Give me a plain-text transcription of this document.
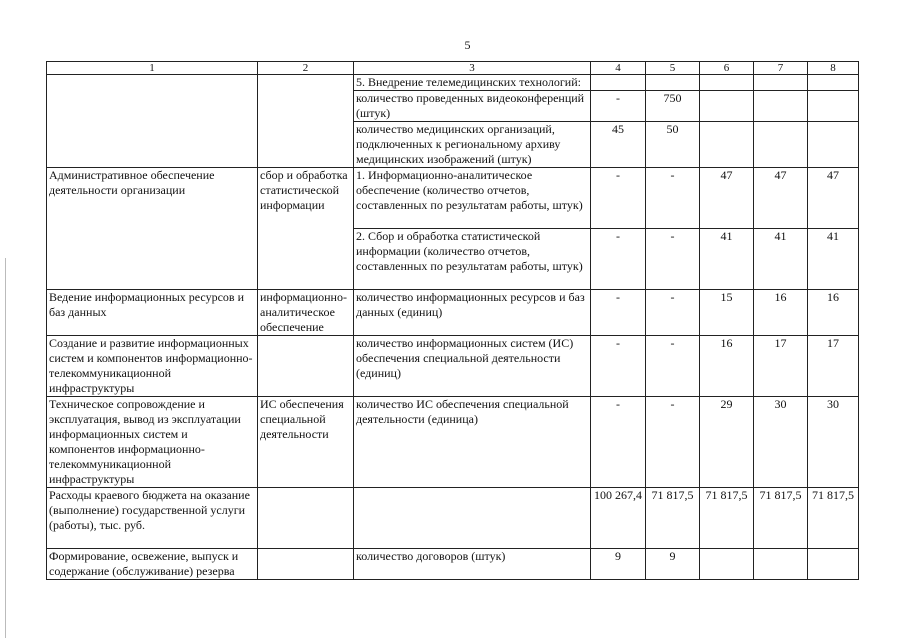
5
1	2	3	4	5	6	7	8
		5. Внедрение телемедицинских технологий:					
		количество проведенных видеоконференций (штук)	-	750			
		количество медицинских организаций, подключенных к региональному архиву медицинских изображений (штук)	45	50			
Административное обеспечение деятельности организации	сбор и обработка статистической информации	1. Информационно-аналитическое обеспечение (количество отчетов, составленных по результатам работы, штук)	-	-	47	47	47
		2. Сбор и обработка статистической информации (количество отчетов, составленных по результатам работы, штук)	-	-	41	41	41
Ведение информационных ресурсов и баз данных	информационно-аналитическое обеспечение	количество информационных ресурсов и баз данных (единиц)	-	-	15	16	16
Создание и развитие информационных систем и компонентов информационно-телекоммуникационной инфраструктуры		количество информационных систем (ИС) обеспечения специальной деятельности (единиц)	-	-	16	17	17
Техническое сопровождение и эксплуатация, вывод из эксплуатации информационных систем и компонентов информационно-телекоммуникационной инфраструктуры	ИС обеспечения специальной деятельности	количество ИС обеспечения специальной деятельности (единица)	-	-	29	30	30
Расходы краевого бюджета на оказание (выполнение) государственной услуги (работы), тыс. руб.			100 267,4	71 817,5	71 817,5	71 817,5	71 817,5
Формирование, освежение, выпуск и содержание (обслуживание) резерва		количество договоров (штук)	9	9			
